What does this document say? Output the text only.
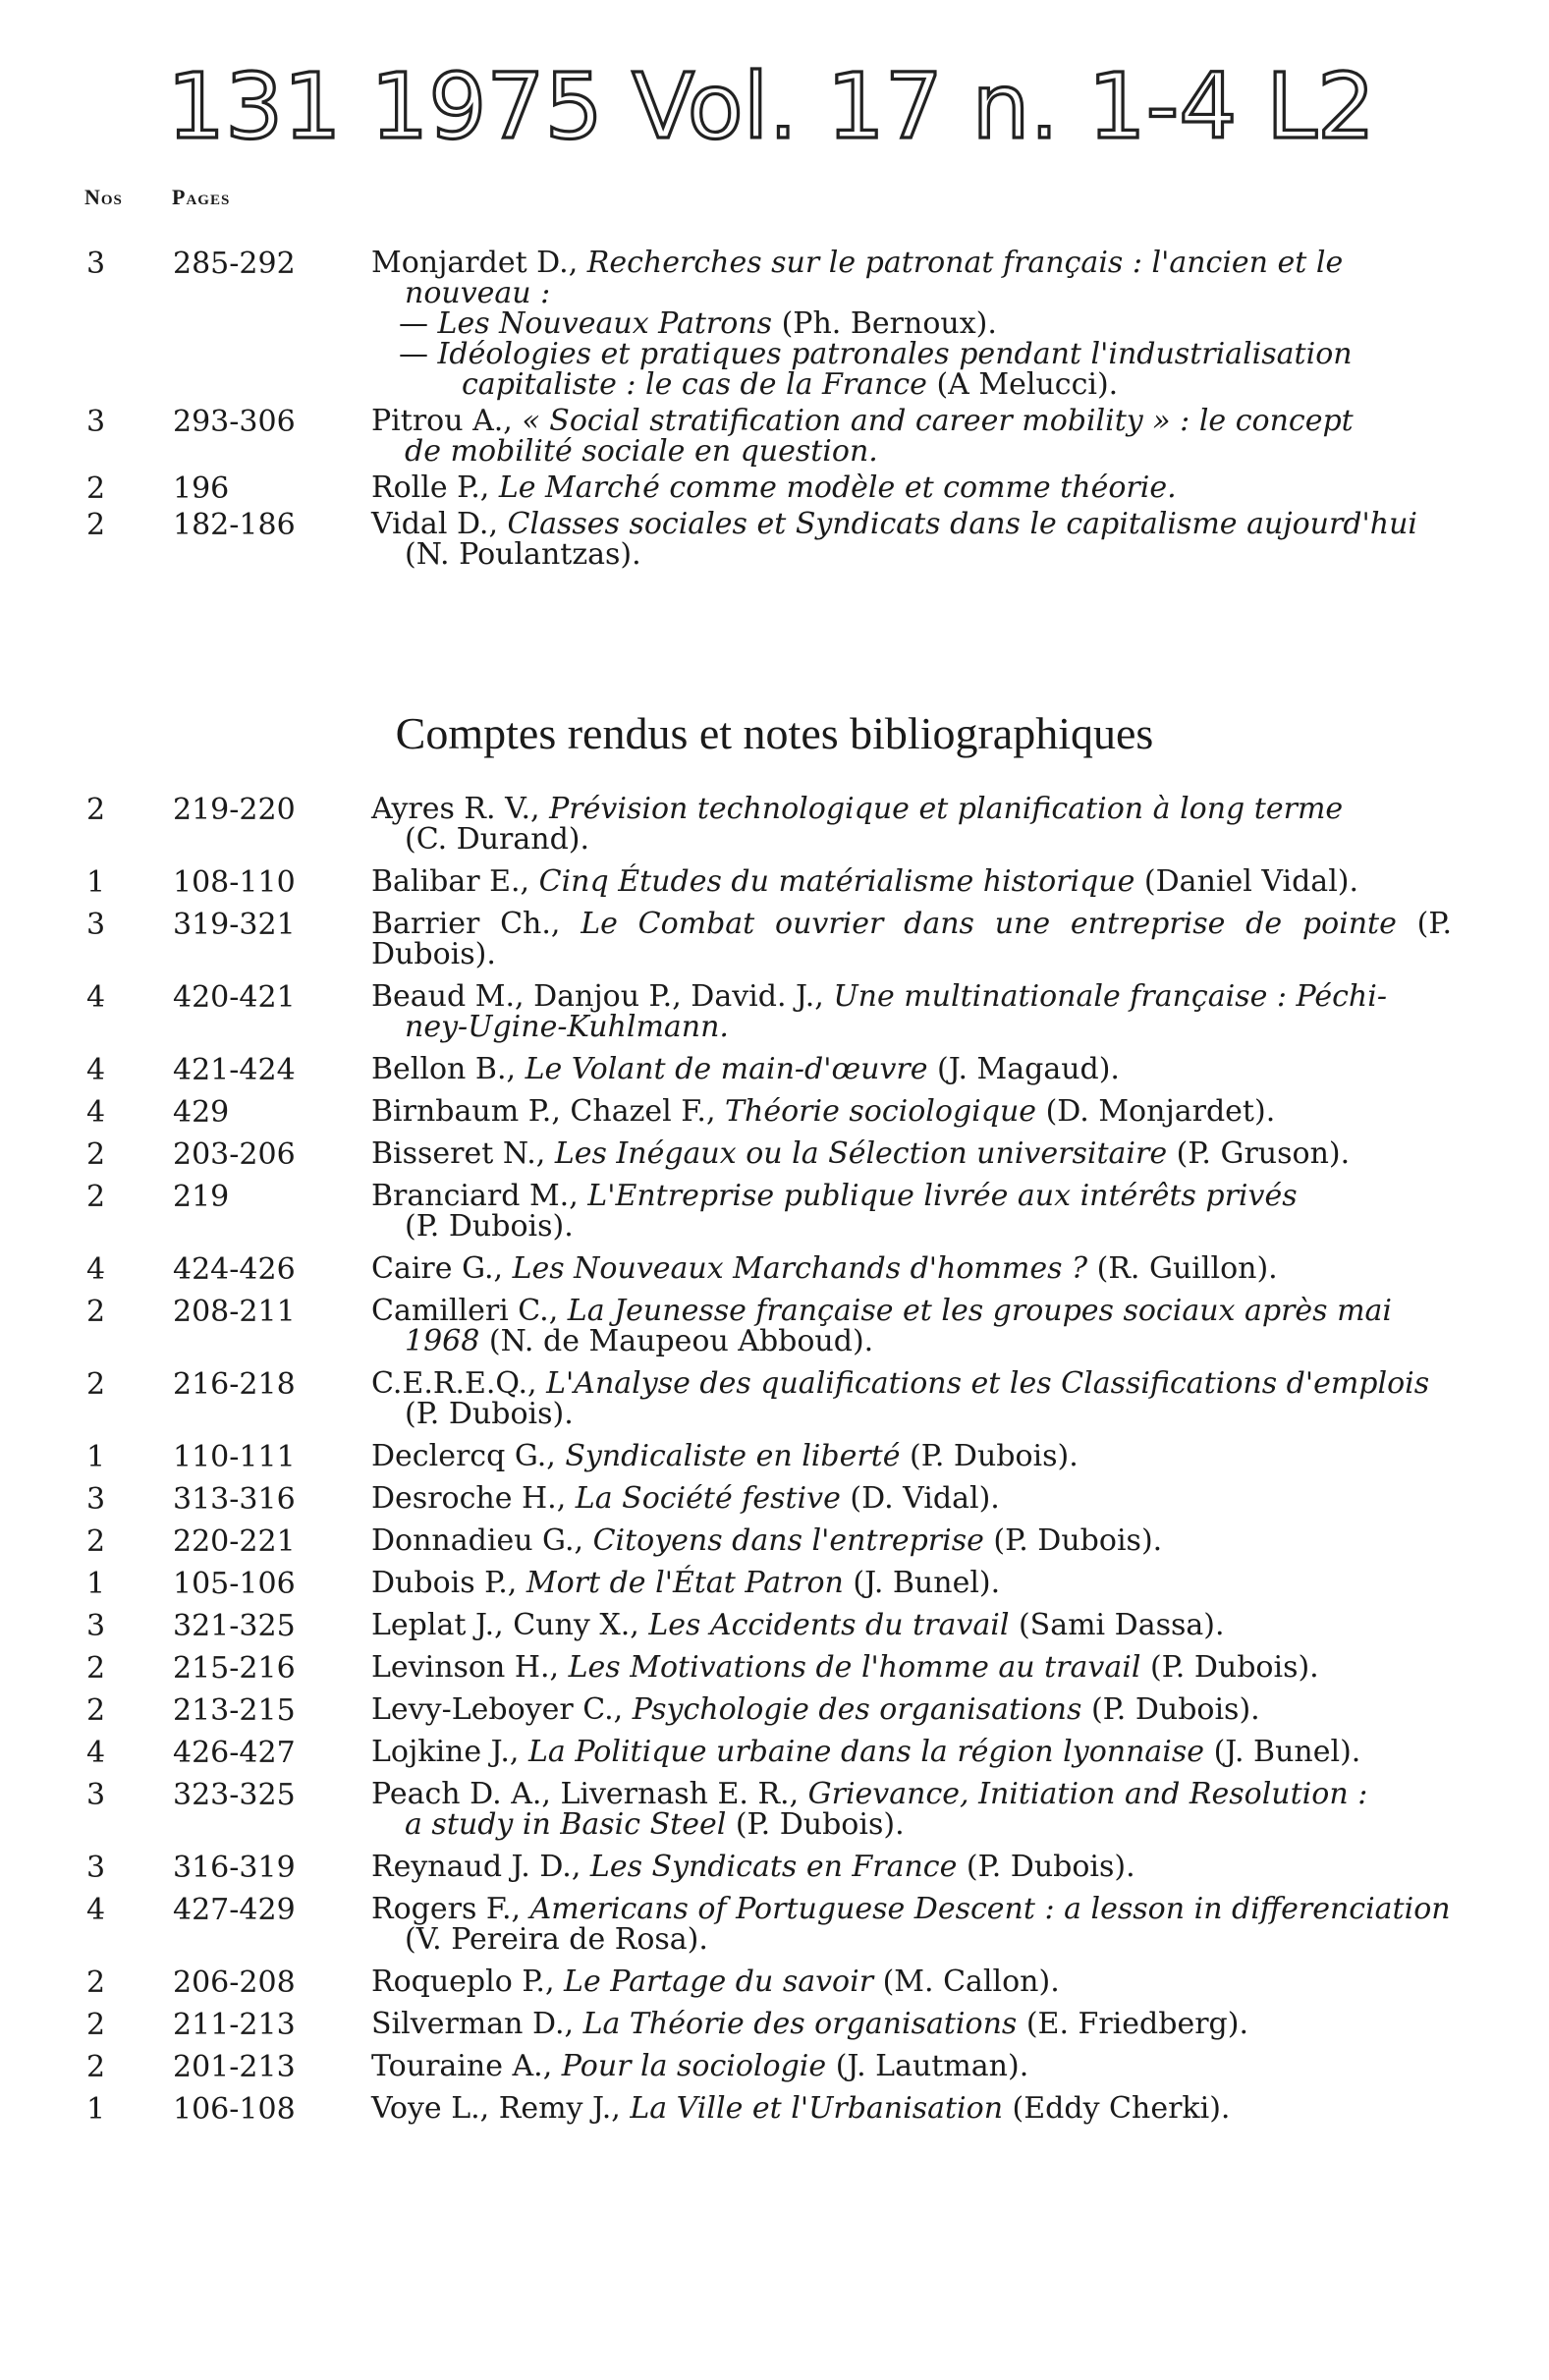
131 1975 Vol. 17 n. 1-4 L2
Nos Pages
3	285-292	Monjardet D., Recherches sur le patronat français : l'ancien et le
nouveau :
— Les Nouveaux Patrons (Ph. Bernoux).
— Idéologies et pratiques patronales pendant l'industrialisation
capitaliste : le cas de la France (A Melucci).
3	293-306	Pitrou A., « Social stratification and career mobility » : le concept
de mobilité sociale en question.
2	196	Rolle P., Le Marché comme modèle et comme théorie.
2	182-186	Vidal D., Classes sociales et Syndicats dans le capitalisme aujourd'hui
(N. Poulantzas).
Comptes rendus et notes bibliographiques
2	219-220	Ayres R. V., Prévision technologique et planification à long terme
(C. Durand).
1	108-110	Balibar E., Cinq Études du matérialisme historique (Daniel Vidal).
3	319-321	Barrier Ch., Le Combat ouvrier dans une entreprise de pointe (P. Dubois).
4	420-421	Beaud M., Danjou P., David. J., Une multinationale française : Péchi-
ney-Ugine-Kuhlmann.
4	421-424	Bellon B., Le Volant de main-d'œuvre (J. Magaud).
4	429	Birnbaum P., Chazel F., Théorie sociologique (D. Monjardet).
2	203-206	Bisseret N., Les Inégaux ou la Sélection universitaire (P. Gruson).
2	219	Branciard M., L'Entreprise publique livrée aux intérêts privés
(P. Dubois).
4	424-426	Caire G., Les Nouveaux Marchands d'hommes ? (R. Guillon).
2	208-211	Camilleri C., La Jeunesse française et les groupes sociaux après mai
1968 (N. de Maupeou Abboud).
2	216-218	C.E.R.E.Q., L'Analyse des qualifications et les Classifications d'emplois
(P. Dubois).
1	110-111	Declercq G., Syndicaliste en liberté (P. Dubois).
3	313-316	Desroche H., La Société festive (D. Vidal).
2	220-221	Donnadieu G., Citoyens dans l'entreprise (P. Dubois).
1	105-106	Dubois P., Mort de l'État Patron (J. Bunel).
3	321-325	Leplat J., Cuny X., Les Accidents du travail (Sami Dassa).
2	215-216	Levinson H., Les Motivations de l'homme au travail (P. Dubois).
2	213-215	Levy-Leboyer C., Psychologie des organisations (P. Dubois).
4	426-427	Lojkine J., La Politique urbaine dans la région lyonnaise (J. Bunel).
3	323-325	Peach D. A., Livernash E. R., Grievance, Initiation and Resolution :
a study in Basic Steel (P. Dubois).
3	316-319	Reynaud J. D., Les Syndicats en France (P. Dubois).
4	427-429	Rogers F., Americans of Portuguese Descent : a lesson in differenciation
(V. Pereira de Rosa).
2	206-208	Roqueplo P., Le Partage du savoir (M. Callon).
2	211-213	Silverman D., La Théorie des organisations (E. Friedberg).
2	201-213	Touraine A., Pour la sociologie (J. Lautman).
1	106-108	Voye L., Remy J., La Ville et l'Urbanisation (Eddy Cherki).
